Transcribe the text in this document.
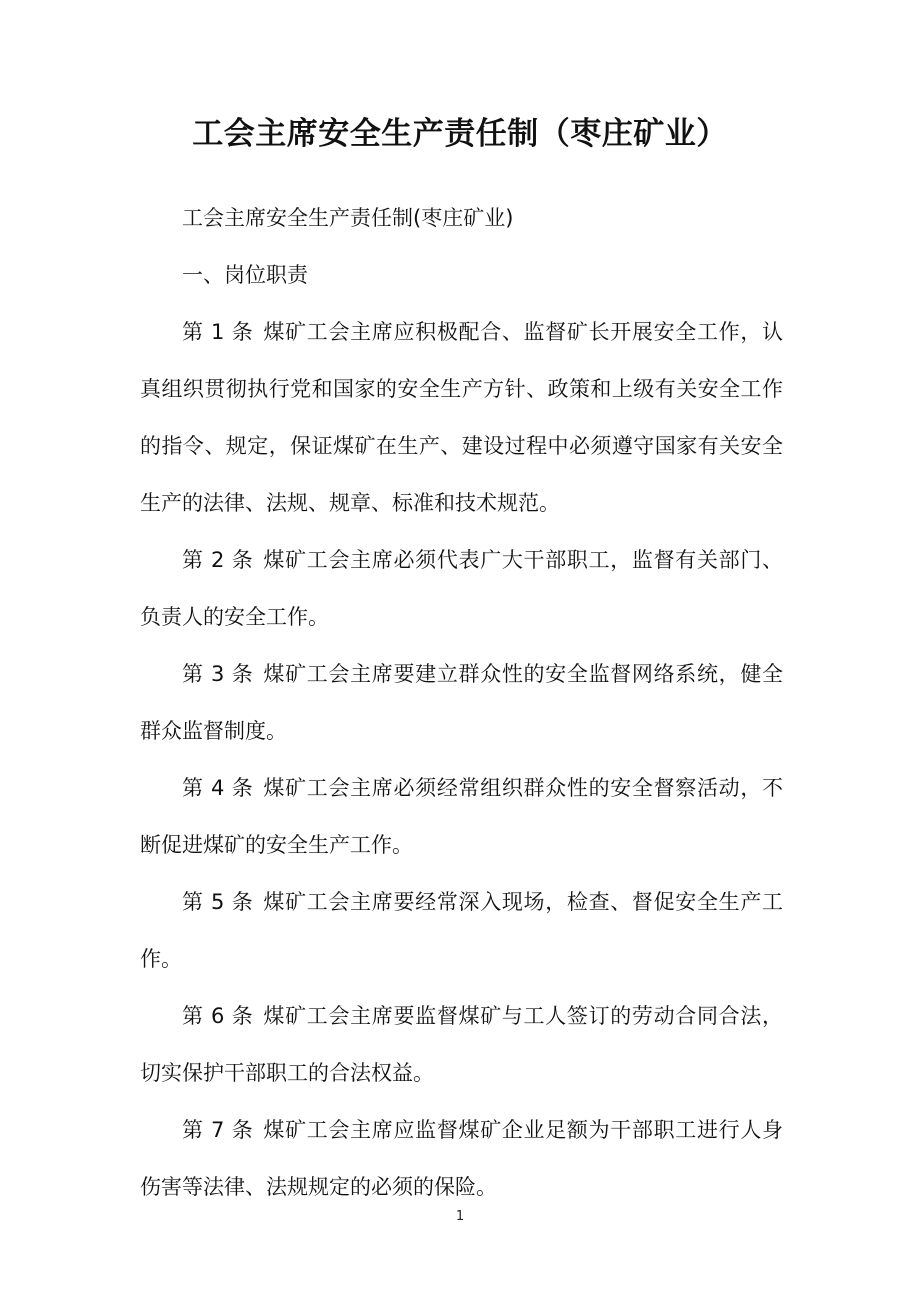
工会主席安全生产责任制（枣庄矿业）

工会主席安全生产责任制(枣庄矿业)

一、岗位职责

第 1 条 煤矿工会主席应积极配合、监督矿长开展安全工作，认真组织贯彻执行党和国家的安全生产方针、政策和上级有关安全工作的指令、规定，保证煤矿在生产、建设过程中必须遵守国家有关安全生产的法律、法规、规章、标准和技术规范。

第 2 条 煤矿工会主席必须代表广大干部职工，监督有关部门、负责人的安全工作。

第 3 条 煤矿工会主席要建立群众性的安全监督网络系统，健全群众监督制度。

第 4 条 煤矿工会主席必须经常组织群众性的安全督察活动，不断促进煤矿的安全生产工作。

第 5 条 煤矿工会主席要经常深入现场，检查、督促安全生产工作。

第 6 条 煤矿工会主席要监督煤矿与工人签订的劳动合同合法，切实保护干部职工的合法权益。

第 7 条 煤矿工会主席应监督煤矿企业足额为干部职工进行人身伤害等法律、法规规定的必须的保险。

1
